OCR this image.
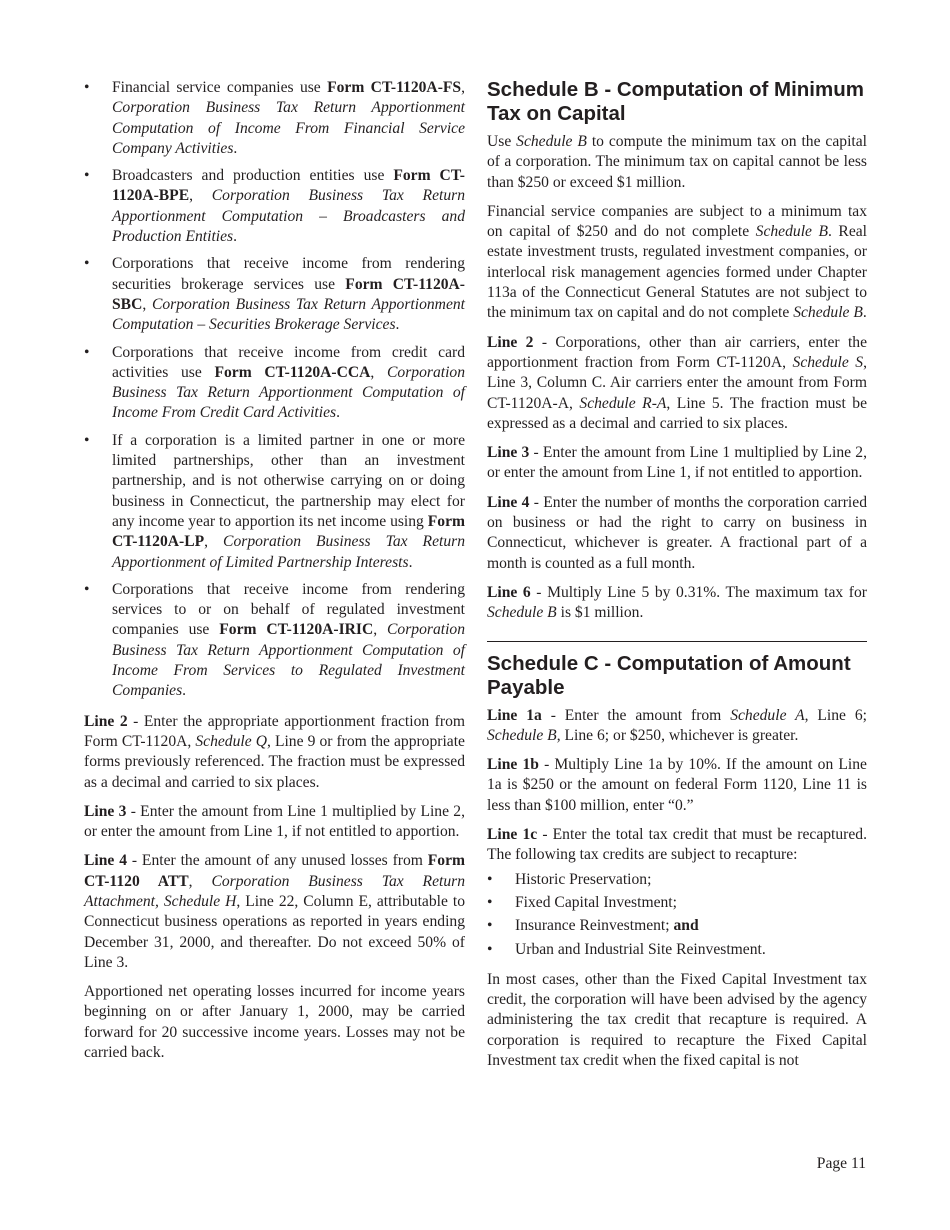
•	Financial service companies use Form CT-1120A-FS, Corporation Business Tax Return Apportionment Computation of Income From Financial Service Company Activities.
•	Broadcasters and production entities use Form CT-1120A-BPE, Corporation Business Tax Return Apportionment Computation – Broadcasters and Production Entities.
•	Corporations that receive income from rendering securities brokerage services use Form CT-1120A-SBC, Corporation Business Tax Return Apportionment Computation – Securities Brokerage Services.
•	Corporations that receive income from credit card activities use Form CT-1120A-CCA, Corporation Business Tax Return Apportionment Computation of Income From Credit Card Activities.
•	If a corporation is a limited partner in one or more limited partnerships, other than an investment partnership, and is not otherwise carrying on or doing business in Connecticut, the partnership may elect for any income year to apportion its net income using Form CT-1120A-LP, Corporation Business Tax Return Apportionment of Limited Partnership Interests.
•	Corporations that receive income from rendering services to or on behalf of regulated investment companies use Form CT-1120A-IRIC, Corporation Business Tax Return Apportionment Computation of Income From Services to Regulated Investment Companies.

Line 2 - Enter the appropriate apportionment fraction from Form CT-1120A, Schedule Q, Line 9 or from the appropriate forms previously referenced. The fraction must be expressed as a decimal and carried to six places.

Line 3 - Enter the amount from Line 1 multiplied by Line 2, or enter the amount from Line 1, if not entitled to apportion.

Line 4 - Enter the amount of any unused losses from Form CT-1120 ATT, Corporation Business Tax Return Attachment, Schedule H, Line 22, Column E, attributable to Connecticut business operations as reported in years ending December 31, 2000, and thereafter. Do not exceed 50% of Line 3.

Apportioned net operating losses incurred for income years beginning on or after January 1, 2000, may be carried forward for 20 successive income years. Losses may not be carried back.

Schedule B - Computation of Minimum Tax on Capital

Use Schedule B to compute the minimum tax on the capital of a corporation. The minimum tax on capital cannot be less than $250 or exceed $1 million.

Financial service companies are subject to a minimum tax on capital of $250 and do not complete Schedule B. Real estate investment trusts, regulated investment companies, or interlocal risk management agencies formed under Chapter 113a of the Connecticut General Statutes are not subject to the minimum tax on capital and do not complete Schedule B.

Line 2 - Corporations, other than air carriers, enter the apportionment fraction from Form CT-1120A, Schedule S, Line 3, Column C. Air carriers enter the amount from Form CT-1120A-A, Schedule R-A, Line 5. The fraction must be expressed as a decimal and carried to six places.

Line 3 - Enter the amount from Line 1 multiplied by Line 2, or enter the amount from Line 1, if not entitled to apportion.

Line 4 - Enter the number of months the corporation carried on business or had the right to carry on business in Connecticut, whichever is greater. A fractional part of a month is counted as a full month.

Line 6 - Multiply Line 5 by 0.31%. The maximum tax for Schedule B is $1 million.

Schedule C - Computation of Amount Payable

Line 1a - Enter the amount from Schedule A, Line 6; Schedule B, Line 6; or $250, whichever is greater.

Line 1b - Multiply Line 1a by 10%. If the amount on Line 1a is $250 or the amount on federal Form 1120, Line 11 is less than $100 million, enter “0.”

Line 1c - Enter the total tax credit that must be recaptured. The following tax credits are subject to recapture:

•	Historic Preservation;
•	Fixed Capital Investment;
•	Insurance Reinvestment; and
•	Urban and Industrial Site Reinvestment.

In most cases, other than the Fixed Capital Investment tax credit, the corporation will have been advised by the agency administering the tax credit that recapture is required. A corporation is required to recapture the Fixed Capital Investment tax credit when the fixed capital is not

Page 11
